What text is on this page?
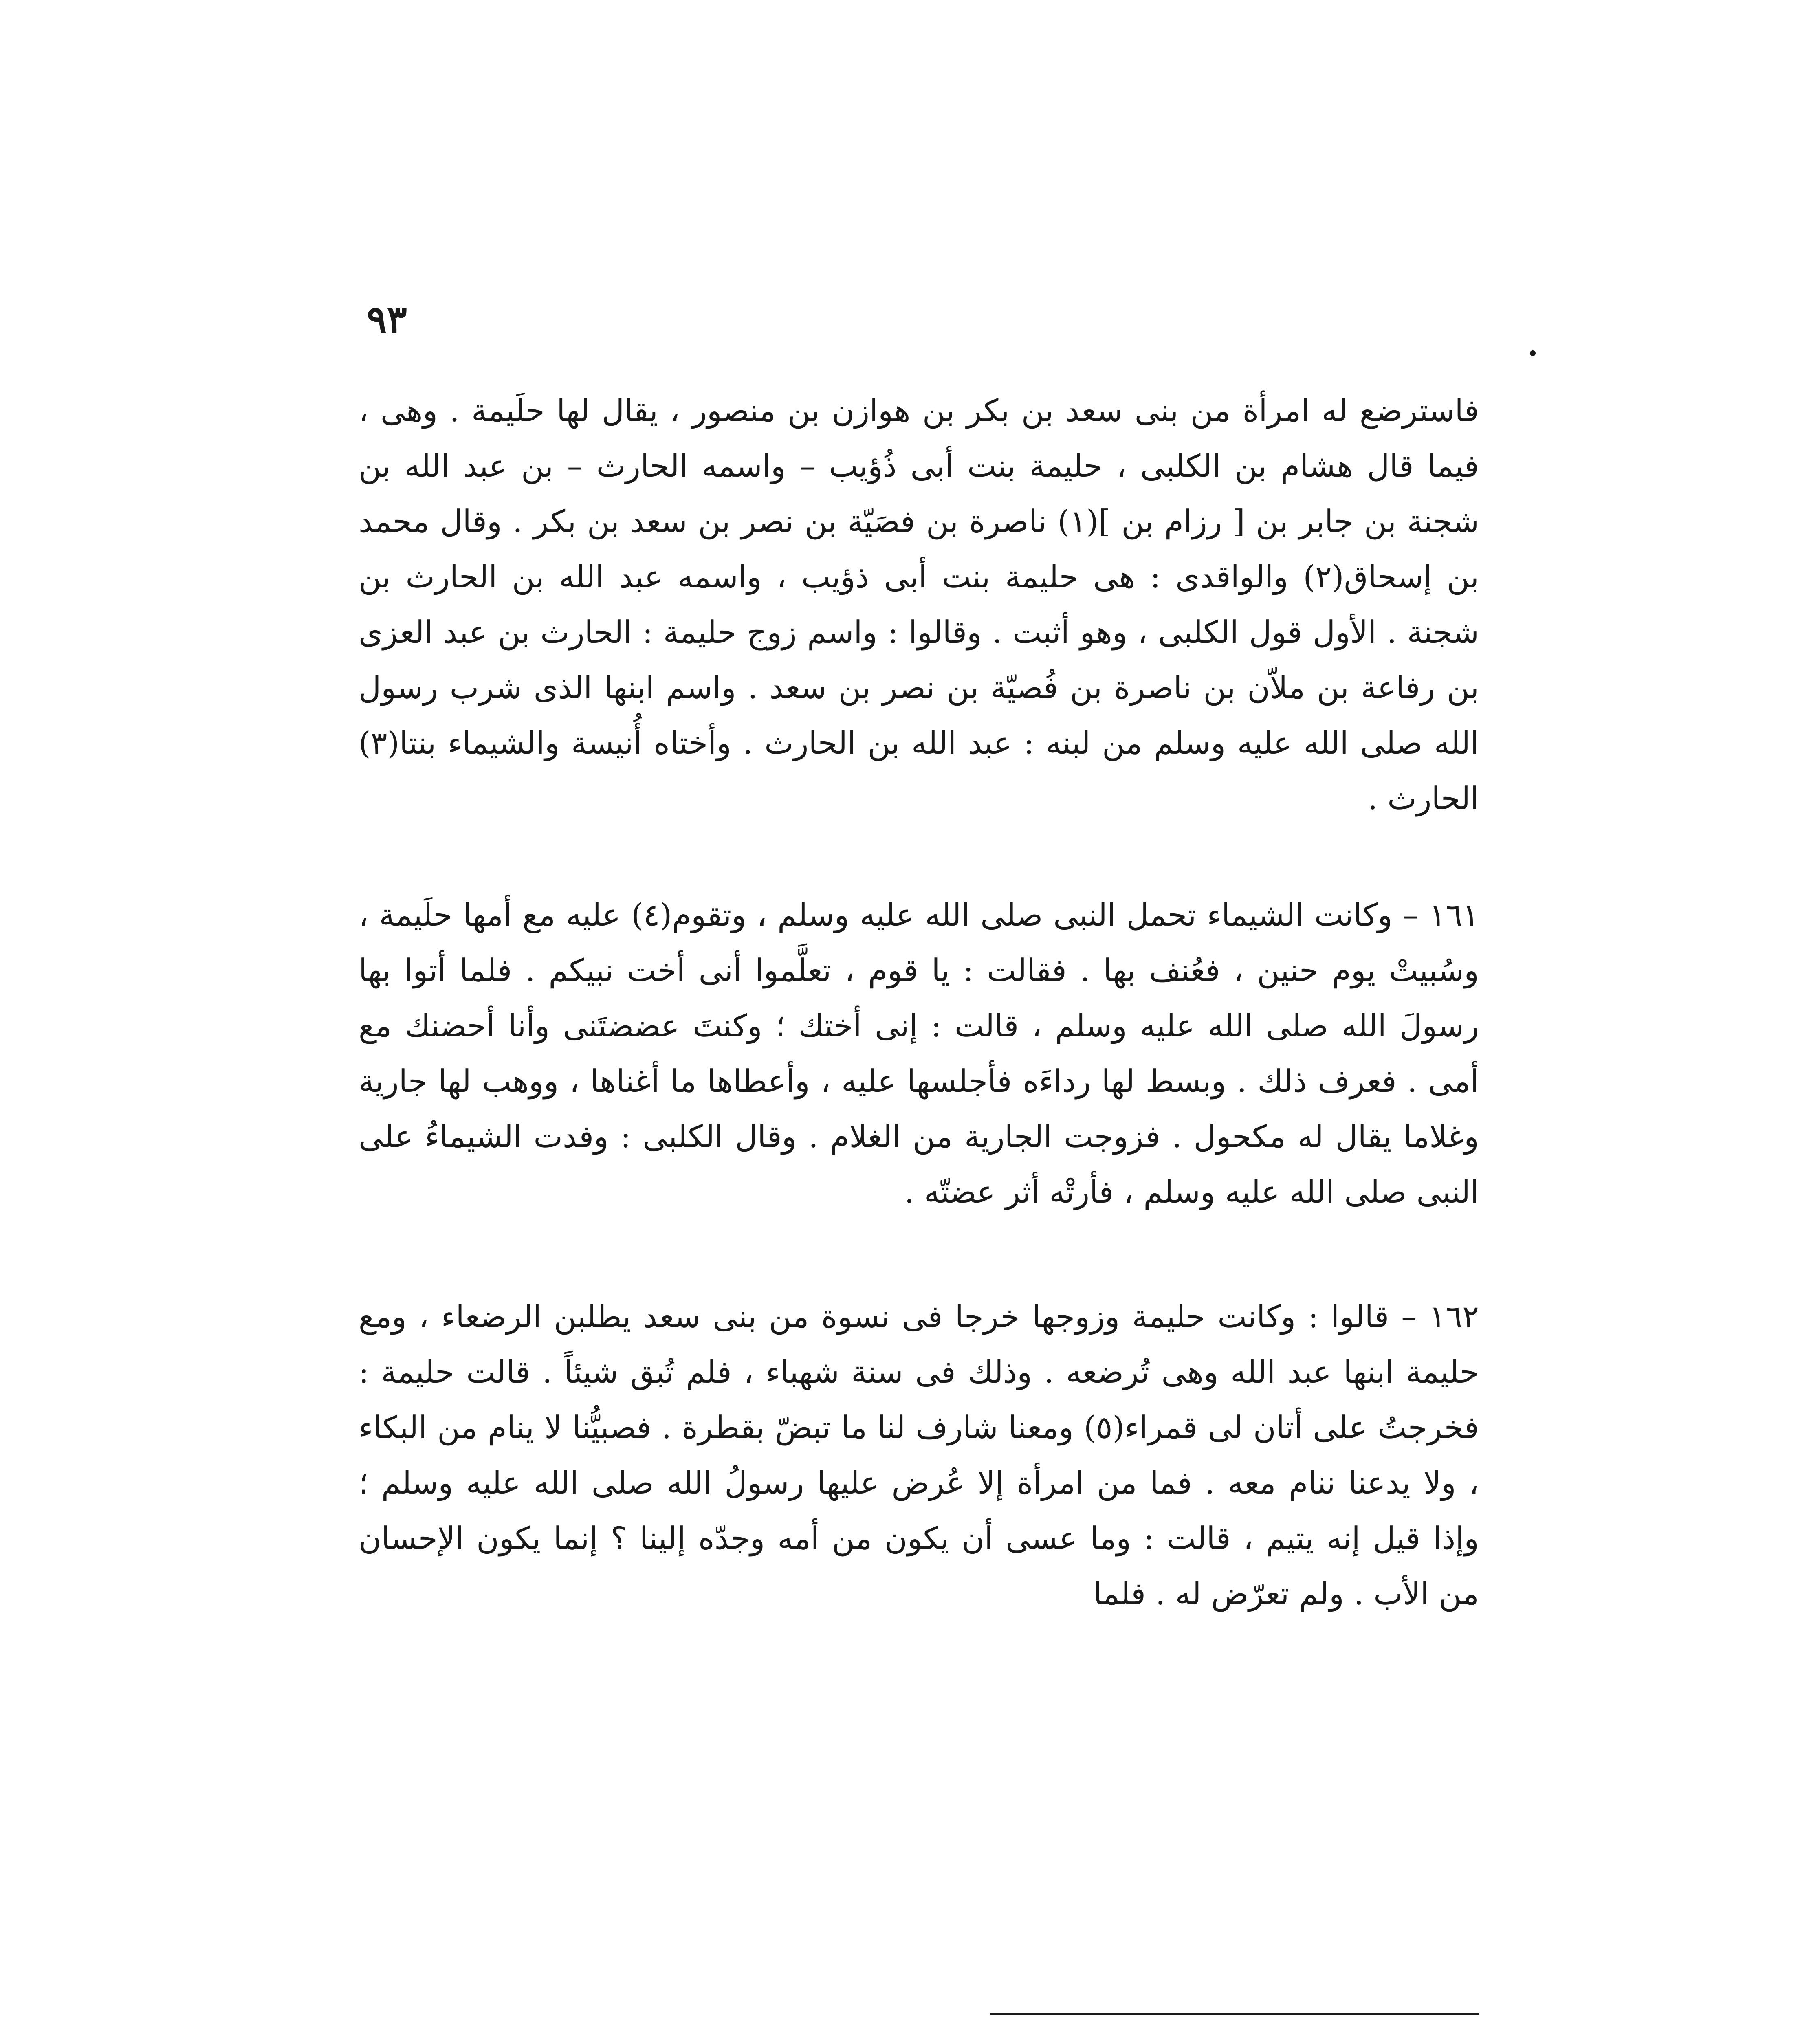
٩٣

فاسترضع له امرأة من بنى سعد بن بكر بن هوازن بن منصور ، يقال لها حلَيمة . وهى ، فيما قال هشام بن الكلبى ، حليمة بنت أبى ذُؤيب – واسمه الحارث – بن عبد الله بن شجنة بن جابر بن [ رزام بن ](١) ناصرة بن فصَيّة بن نصر بن سعد بن بكر . وقال محمد بن إسحاق(٢) والواقدى : هى حليمة بنت أبى ذؤيب ، واسمه عبد الله بن الحارث بن شجنة . الأول قول الكلبى ، وهو أثبت . وقالوا : واسم زوج حليمة : الحارث بن عبد العزى بن رفاعة بن ملاّن بن ناصرة بن فُصيّة بن نصر بن سعد . واسم ابنها الذى شرب رسول الله صلى الله عليه وسلم من لبنه : عبد الله بن الحارث . وأختاه أُنيسة والشيماء بنتا(٣) الحارث .

١٦١ – وكانت الشيماء تحمل النبى صلى الله عليه وسلم ، وتقوم(٤) عليه مع أمها حلَيمة ، وسُبيتْ يوم حنين ، فعُنف بها . فقالت : يا قوم ، تعلَّموا أنى أخت نبيكم . فلما أتوا بها رسولَ الله صلى الله عليه وسلم ، قالت : إنى أختك ؛ وكنتَ عضضتَنى وأنا أحضنك مع أمى . فعرف ذلك . وبسط لها رداءَه فأجلسها عليه ، وأعطاها ما أغناها ، ووهب لها جارية وغلاما يقال له مكحول . فزوجت الجارية من الغلام . وقال الكلبى : وفدت الشيماءُ على النبى صلى الله عليه وسلم ، فأرتْه أثر عضتّه .

١٦٢ – قالوا : وكانت حليمة وزوجها خرجا فى نسوة من بنى سعد يطلبن الرضعاء ، ومع حليمة ابنها عبد الله وهى تُرضعه . وذلك فى سنة شهباء ، فلم تُبق شيئاً . قالت حليمة : فخرجتُ على أتان لى قمراء(٥) ومعنا شارف لنا ما تبضّ بقطرة . فصبيُّنا لا ينام من البكاء ، ولا يدعنا ننام معه . فما من امرأة إلا عُرض عليها رسولُ الله صلى الله عليه وسلم ؛ وإذا قيل إنه يتيم ، قالت : وما عسى أن يكون من أمه وجدّه إلينا ؟ إنما يكون الإحسان من الأب . ولم تعرّض له . فلما
